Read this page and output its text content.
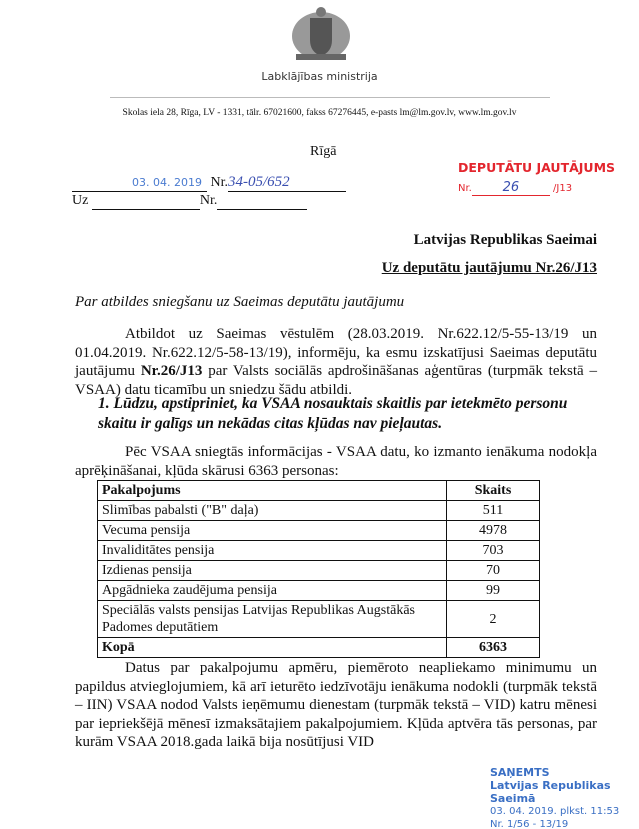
Labklājības ministrija
Skolas iela 28, Rīga, LV - 1331, tālr. 67021600, fakss 67276445, e-pasts lm@lm.gov.lv, www.lm.gov.lv
Rīgā
03. 04. 2019 Nr.34-05/652
Uz	Nr.
DEPUTĀTU JAUTĀJUMS
Nr. 26	/J13
Latvijas Republikas Saeimai
Uz deputātu jautājumu Nr.26/J13
Par atbildes sniegšanu uz Saeimas deputātu jautājumu
Atbildot uz Saeimas vēstulēm (28.03.2019. Nr.622.12/5-55-13/19 un 01.04.2019. Nr.622.12/5-58-13/19), informēju, ka esmu izskatījusi Saeimas deputātu jautājumu Nr.26/J13 par Valsts sociālās apdrošināšanas aģentūras (turpmāk tekstā – VSAA) datu ticamību un sniedzu šādu atbildi.
1. Lūdzu, apstipriniet, ka VSAA nosauktais skaitlis par ietekmēto personu skaitu ir galīgs un nekādas citas kļūdas nav pieļautas.
Pēc VSAA sniegtās informācijas - VSAA datu, ko izmanto ienākuma nodokļa aprēķināšanai, kļūda skārusi 6363 personas:
Pakalpojums	Skaits
Slimības pabalsti ("B" daļa)	511
Vecuma pensija	4978
Invaliditātes pensija	703
Izdienas pensija	70
Apgādnieka zaudējuma pensija	99
Speciālās valsts pensijas Latvijas Republikas Augstākās Padomes deputātiem	2
Kopā	6363
Datus par pakalpojumu apmēru, piemēroto neapliekamo minimumu un papildus atvieglojumiem, kā arī ieturēto iedzīvotāju ienākuma nodokli (turpmāk tekstā – IIN) VSAA nodod Valsts ieņēmumu dienestam (turpmāk tekstā – VID) katru mēnesi par iepriekšējā mēnesī izmaksātajiem pakalpojumiem. Kļūda aptvēra tās personas, par kurām VSAA 2018.gada laikā bija nosūtījusi VID
SAŅEMTS
Latvijas Republikas Saeimā
03. 04. 2019. plkst. 11:53
Nr. 1/56 - 13/19
